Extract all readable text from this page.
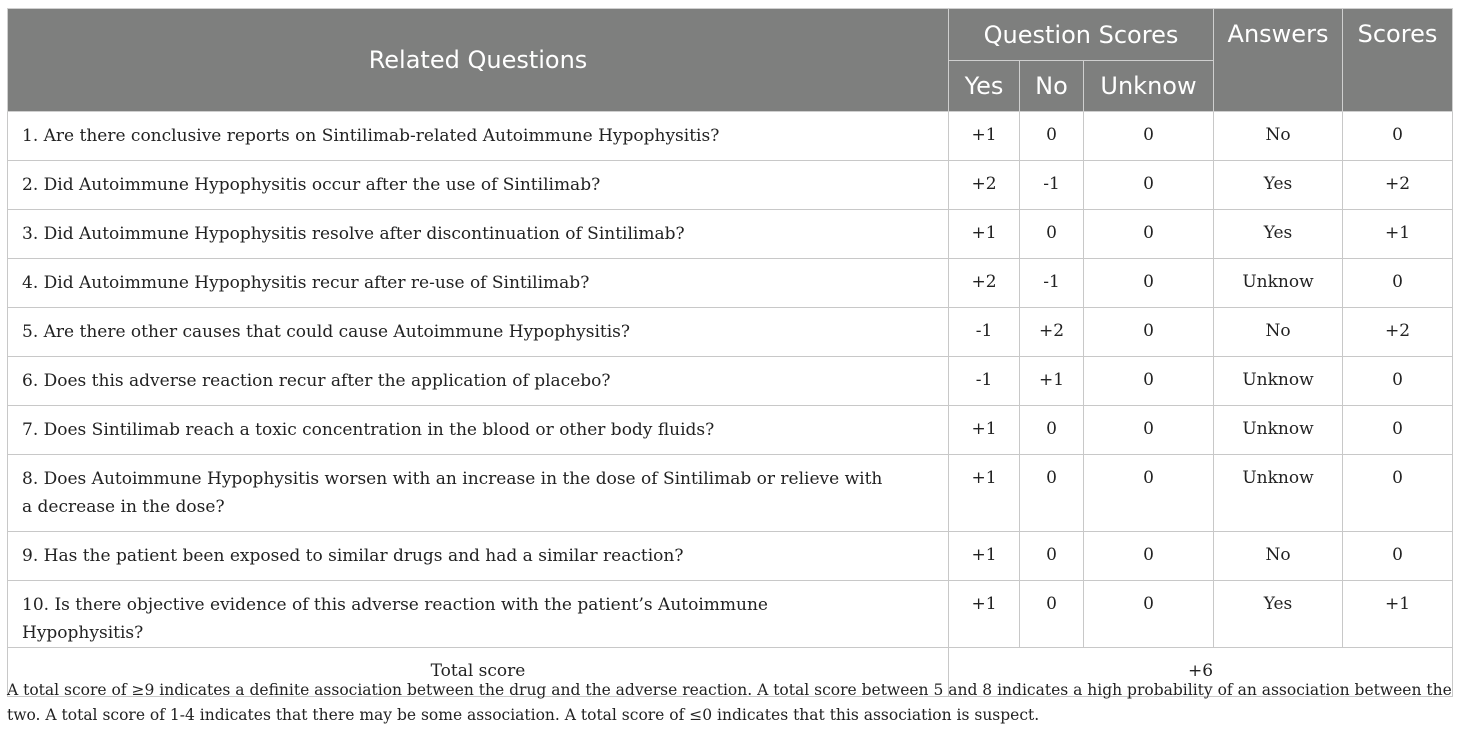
Related Questions	Question Scores			Answers	Scores
	Yes	No	Unknow		
1. Are there conclusive reports on Sintilimab-related Autoimmune Hypophysitis?	+1	0	0	No	0
2. Did Autoimmune Hypophysitis occur after the use of Sintilimab?	+2	-1	0	Yes	+2
3. Did Autoimmune Hypophysitis resolve after discontinuation of Sintilimab?	+1	0	0	Yes	+1
4. Did Autoimmune Hypophysitis recur after re-use of Sintilimab?	+2	-1	0	Unknow	0
5. Are there other causes that could cause Autoimmune Hypophysitis?	-1	+2	0	No	+2
6. Does this adverse reaction recur after the application of placebo?	-1	+1	0	Unknow	0
7. Does Sintilimab reach a toxic concentration in the blood or other body fluids?	+1	0	0	Unknow	0
8. Does Autoimmune Hypophysitis worsen with an increase in the dose of Sintilimab or relieve with a decrease in the dose?	+1	0	0	Unknow	0
9. Has the patient been exposed to similar drugs and had a similar reaction?	+1	0	0	No	0
10. Is there objective evidence of this adverse reaction with the patient’s Autoimmune Hypophysitis?	+1	0	0	Yes	+1
Total score	+6				

A total score of ≥9 indicates a definite association between the drug and the adverse reaction. A total score between 5 and 8 indicates a high probability of an association between the two. A total score of 1-4 indicates that there may be some association. A total score of ≤0 indicates that this association is suspect.
